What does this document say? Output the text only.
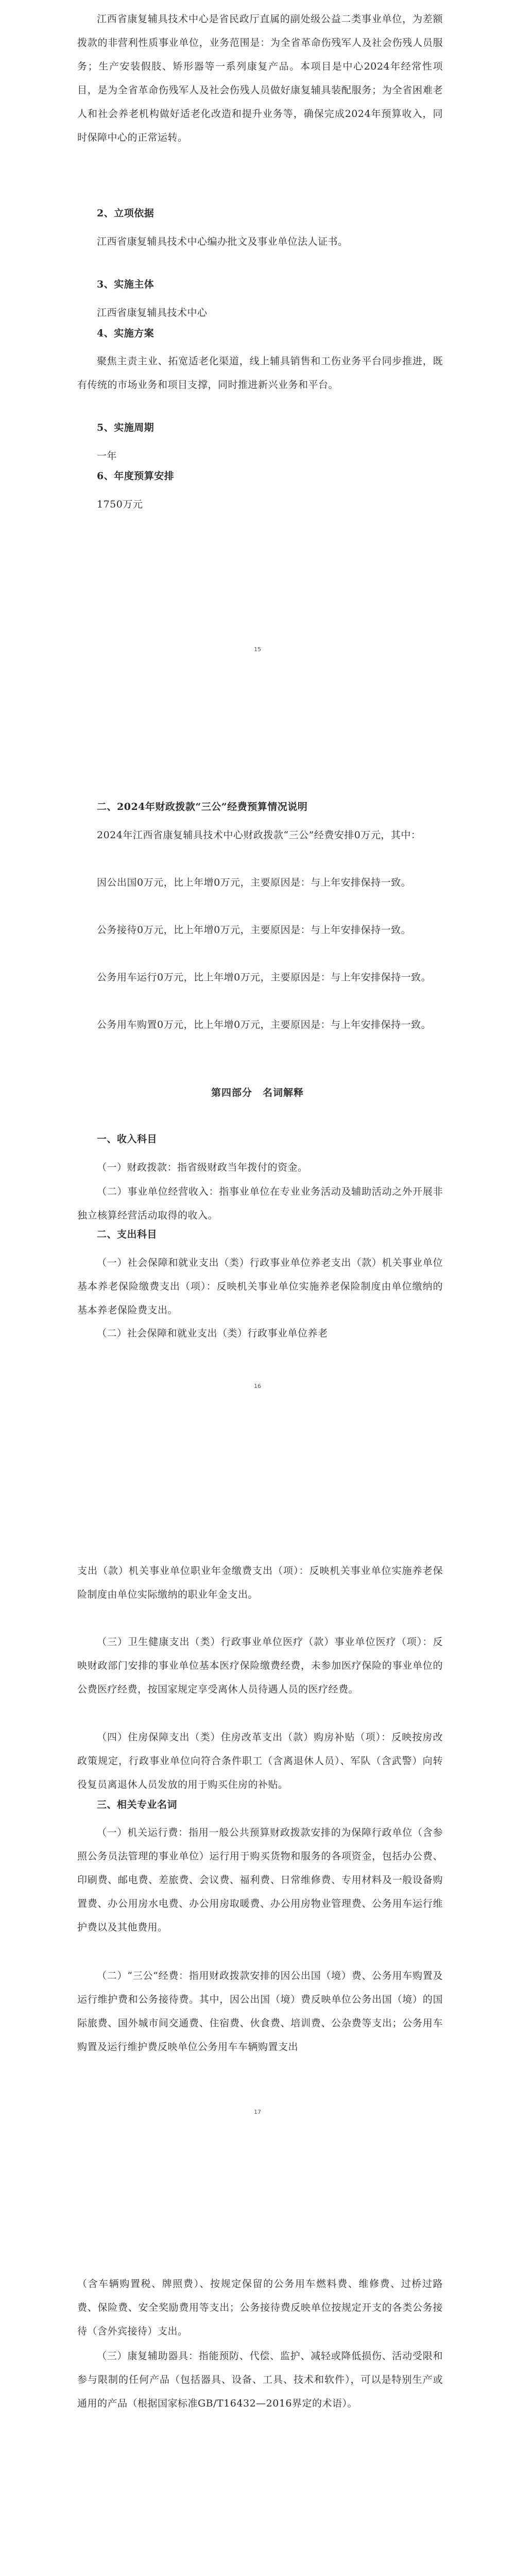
江西省康复辅具技术中心是省民政厅直属的副处级公益二类事业单位，为差额拨款的非营利性质事业单位，业务范围是：为全省革命伤残军人及社会伤残人员服务；生产安装假肢、矫形器等一系列康复产品。本项目是中心2024年经常性项目，是为全省革命伤残军人及社会伤残人员做好康复辅具装配服务；为全省困难老人和社会养老机构做好适老化改造和提升业务等，确保完成2024年预算收入，同时保障中心的正常运转。

2、立项依据

江西省康复辅具技术中心编办批文及事业单位法人证书。

3、实施主体

江西省康复辅具技术中心

4、实施方案

聚焦主责主业、拓宽适老化渠道，线上辅具销售和工伤业务平台同步推进，既有传统的市场业务和项目支撑，同时推进新兴业务和平台。

5、实施周期

一年

6、年度预算安排

1750万元

15

二、2024年财政拨款“三公”经费预算情况说明

2024年江西省康复辅具技术中心财政拨款“三公”经费安排0万元，其中：

因公出国0万元，比上年增0万元，主要原因是：与上年安排保持一致。

公务接待0万元，比上年增0万元，主要原因是：与上年安排保持一致。

公务用车运行0万元，比上年增0万元，主要原因是：与上年安排保持一致。

公务用车购置0万元，比上年增0万元，主要原因是：与上年安排保持一致。

第四部分　名词解释

一、收入科目

（一）财政拨款：指省级财政当年拨付的资金。

（二）事业单位经营收入：指事业单位在专业业务活动及辅助活动之外开展非独立核算经营活动取得的收入。

二、支出科目

（一）社会保障和就业支出（类）行政事业单位养老支出（款）机关事业单位基本养老保险缴费支出（项）：反映机关事业单位实施养老保险制度由单位缴纳的基本养老保险费支出。

（二）社会保障和就业支出（类）行政事业单位养老

16

支出（款）机关事业单位职业年金缴费支出（项）：反映机关事业单位实施养老保险制度由单位实际缴纳的职业年金支出。

（三）卫生健康支出（类）行政事业单位医疗（款）事业单位医疗（项）：反映财政部门安排的事业单位基本医疗保险缴费经费，未参加医疗保险的事业单位的公费医疗经费，按国家规定享受离休人员待遇人员的医疗经费。

（四）住房保障支出（类）住房改革支出（款）购房补贴（项）：反映按房改政策规定，行政事业单位向符合条件职工（含离退休人员）、军队（含武警）向转役复员离退休人员发放的用于购买住房的补贴。

三、相关专业名词

（一）机关运行费：指用一般公共预算财政拨款安排的为保障行政单位（含参照公务员法管理的事业单位）运行用于购买货物和服务的各项资金，包括办公费、印刷费、邮电费、差旅费、会议费、福利费、日常维修费、专用材料及一般设备购置费、办公用房水电费、办公用房取暖费、办公用房物业管理费、公务用车运行维护费以及其他费用。

（二）“三公”经费：指用财政拨款安排的因公出国（境）费、公务用车购置及运行维护费和公务接待费。其中，因公出国（境）费反映单位公务出国（境）的国际旅费、国外城市间交通费、住宿费、伙食费、培训费、公杂费等支出；公务用车购置及运行维护费反映单位公务用车车辆购置支出

17

（含车辆购置税、牌照费）、按规定保留的公务用车燃料费、维修费、过桥过路费、保险费、安全奖励费用等支出；公务接待费反映单位按规定开支的各类公务接待（含外宾接待）支出。

（三）康复辅助器具：指能预防、代偿、监护、减轻或降低损伤、活动受限和参与限制的任何产品（包括器具、设备、工具、技术和软件），可以是特别生产或通用的产品（根据国家标准GB/T16432—2016界定的术语）。
